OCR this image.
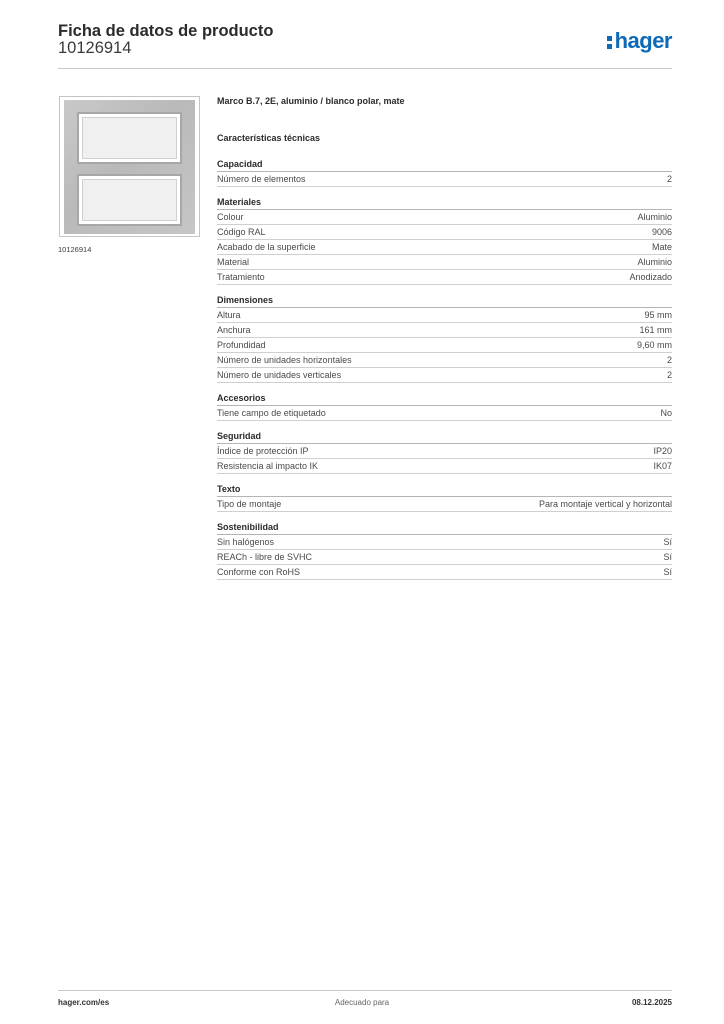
Ficha de datos de producto
10126914	hager
10126914
Marco B.7, 2E, aluminio / blanco polar, mate
Características técnicas
Capacidad
Número de elementos	2
Materiales
Colour	Aluminio
Código RAL	9006
Acabado de la superficie	Mate
Material	Aluminio
Tratamiento	Anodizado
Dimensiones
Altura	95 mm
Anchura	161 mm
Profundidad	9,60 mm
Número de unidades horizontales	2
Número de unidades verticales	2
Accesorios
Tiene campo de etiquetado	No
Seguridad
Índice de protección IP	IP20
Resistencia al impacto IK	IK07
Texto
Tipo de montaje	Para montaje vertical y horizontal
Sostenibilidad
Sin halógenos	Sí
REACh - libre de SVHC	Sí
Conforme con RoHS	Sí
hager.com/es	Adecuado para	08.12.2025
